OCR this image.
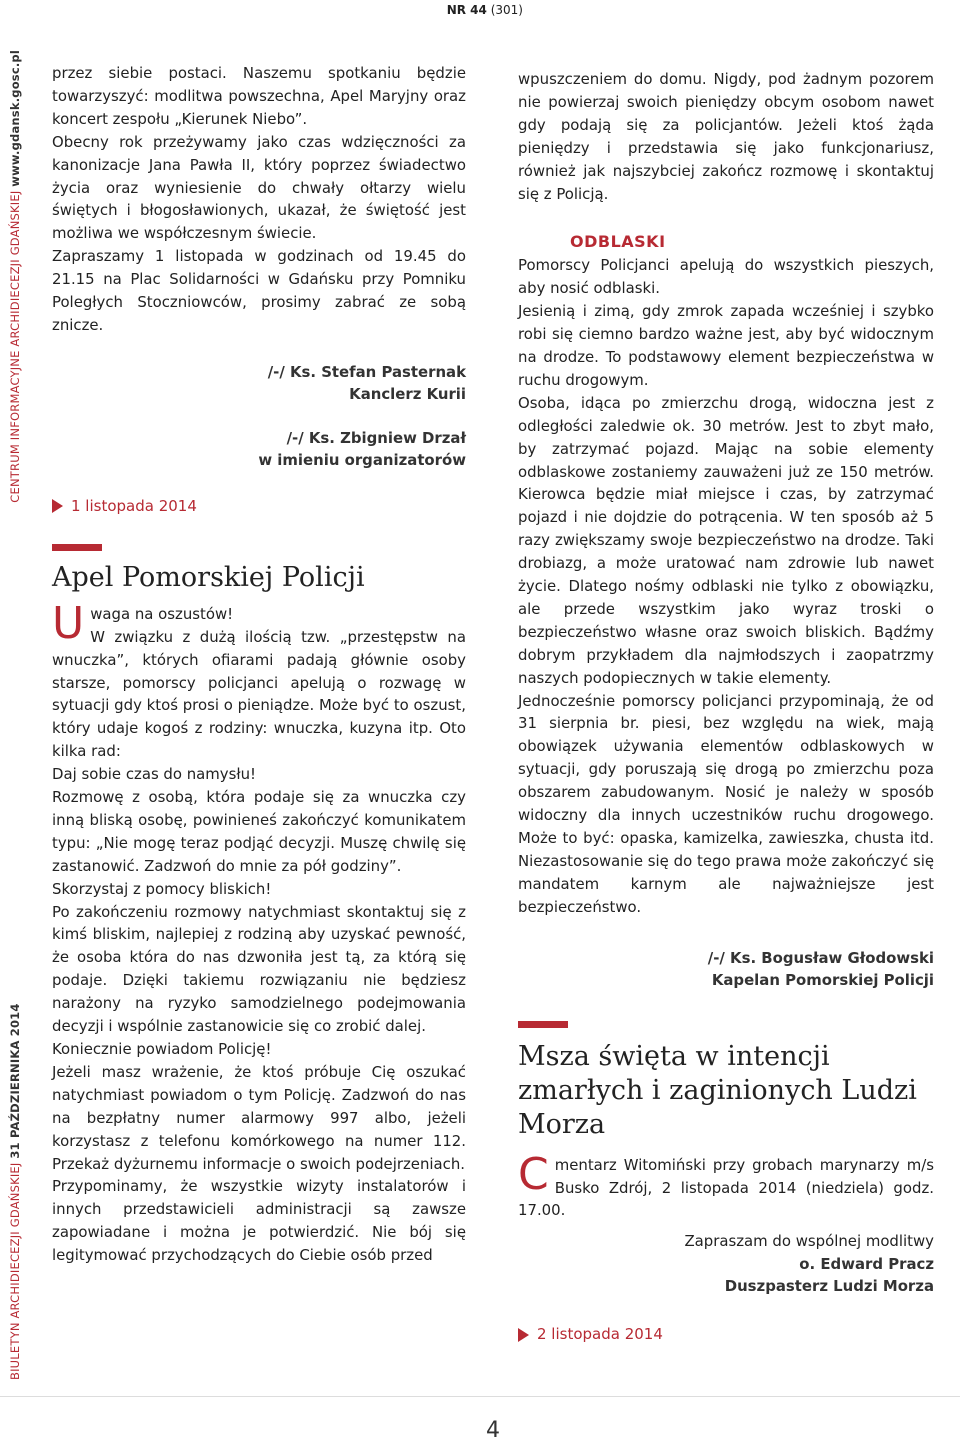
NR 44 (301)
BIULETYN ARCHIDIECEZJI GDAŃSKIEJ 31 PAŹDZIERNIKA 2014
CENTRUM INFORMACYJNE ARCHIDIECEZJI GDAŃSKIEJ www.gdansk.gosc.pl przez siebie postaci. Naszemu spotkaniu będzie towarzyszyć: modlitwa powszechna, Apel Maryjny oraz koncert zespołu „Kierunek Niebo”.

Obecny rok przeżywamy jako czas wdzięczności za kanonizacje Jana Pawła II, który poprzez świadectwo życia oraz wyniesienie do chwały ołtarzy wielu świętych i błogosławionych, ukazał, że świętość jest możliwa we współczesnym świecie.

Zapraszamy 1 listopada w godzinach od 19.45 do 21.15 na Plac Solidarności w Gdańsku przy Pomniku Poległych Stoczniowców, prosimy zabrać ze sobą znicze.

/-/ Ks. Stefan Pasternak
Kanclerz Kurii
/-/ Ks. Zbigniew Drzał
w imieniu organizatorów
1 listopada 2014
Apel Pomorskiej Policji

U waga na oszustów!
W związku z dużą ilością tzw. „przestępstw na wnuczka”, których ofiarami padają głównie osoby starsze, pomorscy policjanci apelują o rozwagę w sytuacji gdy ktoś prosi o pieniądze. Może być to oszust, który udaje kogoś z rodziny: wnuczka, kuzyna itp. Oto kilka rad:

Daj sobie czas do namysłu!

Rozmowę z osobą, która podaje się za wnuczka czy inną bliską osobę, powinieneś zakończyć komunikatem typu: „Nie mogę teraz podjąć decyzji. Muszę chwilę się zastanowić. Zadzwoń do mnie za pół godziny”.

Skorzystaj z pomocy bliskich!

Po zakończeniu rozmowy natychmiast skontaktuj się z kimś bliskim, najlepiej z rodziną aby uzyskać pewność, że osoba która do nas dzwoniła jest tą, za którą się podaje. Dzięki takiemu rozwiązaniu nie będziesz narażony na ryzyko samodzielnego podejmowania decyzji i wspólnie zastanowicie się co zrobić dalej.

Koniecznie powiadom Policję!

Jeżeli masz wrażenie, że ktoś próbuje Cię oszukać natychmiast powiadom o tym Policję. Zadzwoń do nas na bezpłatny numer alarmowy 997 albo, jeżeli korzystasz z telefonu komórkowego na numer 112. Przekaż dyżurnemu informacje o swoich podejrzeniach.

Przypominamy, że wszystkie wizyty instalatorów i innych przedstawicieli administracji są zawsze zapowiadane i można je potwierdzić. Nie bój się legitymować przychodzących do Ciebie osób przed

wpuszczeniem do domu. Nigdy, pod żadnym pozorem nie powierzaj swoich pieniędzy obcym osobom nawet gdy podają się za policjantów. Jeżeli ktoś żąda pieniędzy i przedstawia się jako funkcjonariusz, również jak najszybciej zakończ rozmowę i skontaktuj się z Policją.

ODBLASKI

Pomorscy Policjanci apelują do wszystkich pieszych, aby nosić odblaski.

Jesienią i zimą, gdy zmrok zapada wcześniej i szybko robi się ciemno bardzo ważne jest, aby być widocznym na drodze. To podstawowy element bezpieczeństwa w ruchu drogowym.

Osoba, idąca po zmierzchu drogą, widoczna jest z odległości zaledwie ok. 30 metrów. Jest to zbyt mało, by zatrzymać pojazd. Mając na sobie elementy odblaskowe zostaniemy zauważeni już ze 150 metrów. Kierowca będzie miał miejsce i czas, by zatrzymać pojazd i nie dojdzie do potrącenia. W ten sposób aż 5 razy zwiększamy swoje bezpieczeństwo na drodze. Taki drobiazg, a może uratować nam zdrowie lub nawet życie. Dlatego nośmy odblaski nie tylko z obowiązku, ale przede wszystkim jako wyraz troski o bezpieczeństwo własne oraz swoich bliskich. Bądźmy dobrym przykładem dla najmłodszych i zaopatrzmy naszych podopiecznych w takie elementy.

Jednocześnie pomorscy policjanci przypominają, że od 31 sierpnia br. piesi, bez względu na wiek, mają obowiązek używania elementów odblaskowych w sytuacji, gdy poruszają się drogą po zmierzchu poza obszarem zabudowanym. Nosić je należy w sposób widoczny dla innych uczestników ruchu drogowego. Może to być: opaska, kamizelka, zawieszka, chusta itd. Niezastosowanie się do tego prawa może zakończyć się mandatem karnym ale najważniejsze jest bezpieczeństwo.

/-/ Ks. Bogusław Głodowski
Kapelan Pomorskiej Policji
Msza święta w intencji zmarłych i zaginionych Ludzi Morza

C mentarz Witomiński przy grobach marynarzy m/s Busko Zdrój, 2 listopada 2014 (niedziela) godz. 17.00.

Zapraszam do wspólnej modlitwy
o. Edward Pracz
Duszpasterz Ludzi Morza
2 listopada 2014
4
